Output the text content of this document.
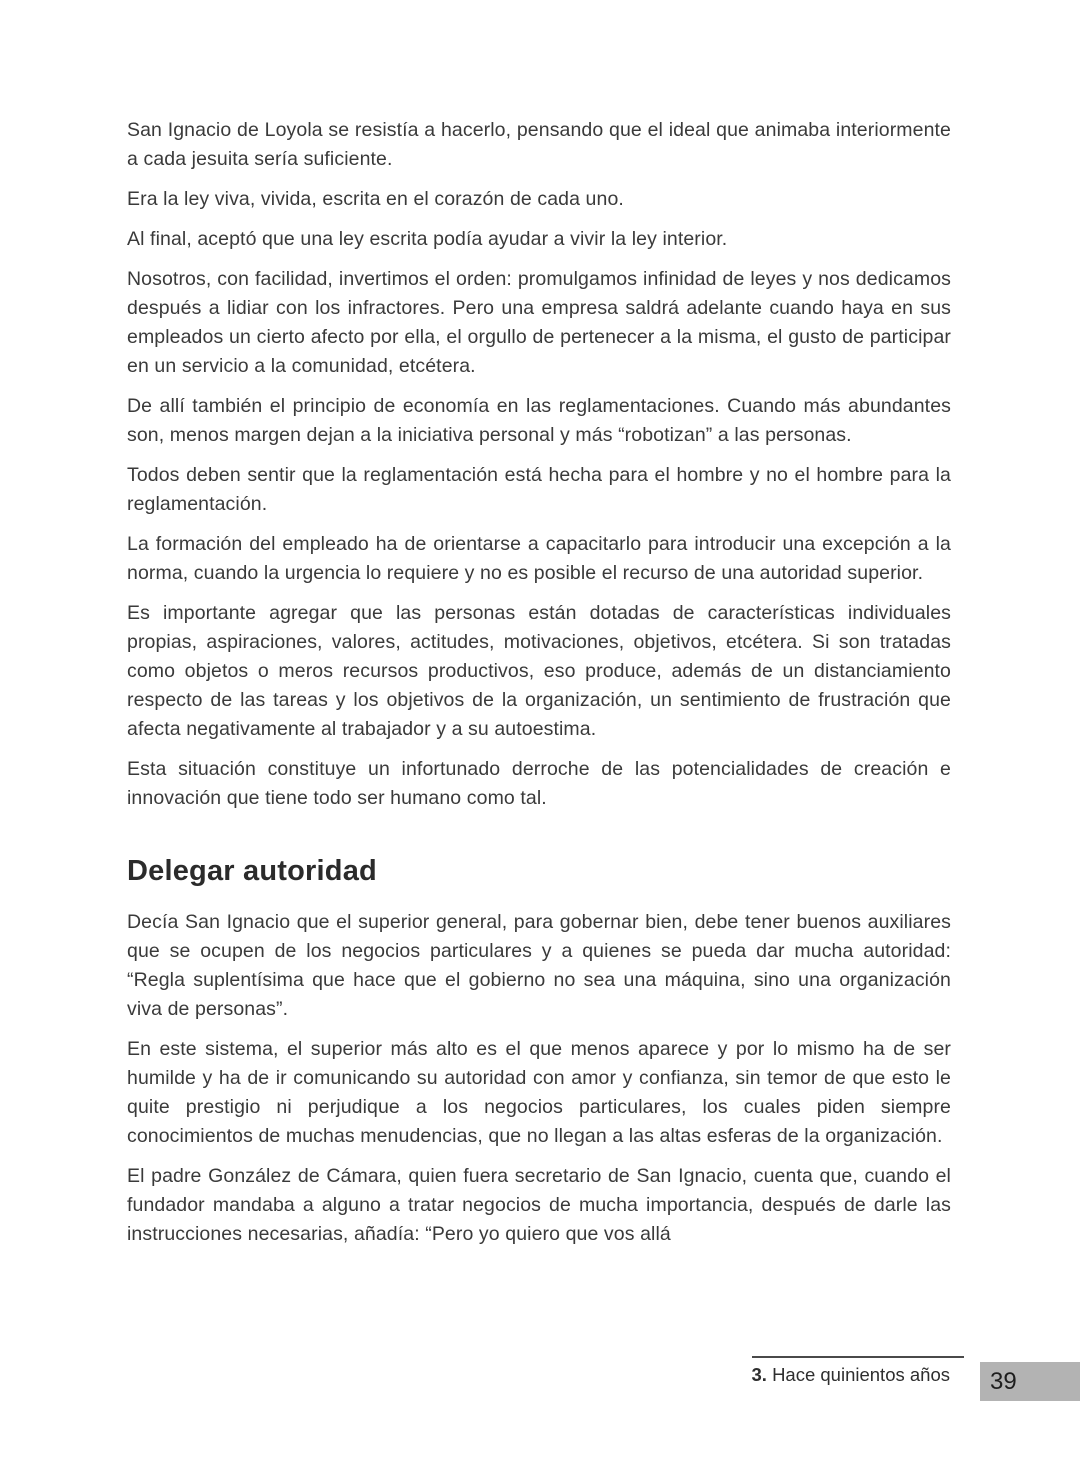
San Ignacio de Loyola se resistía a hacerlo, pensando que el ideal que animaba interiormente a cada jesuita sería suficiente.

Era la ley viva, vivida, escrita en el corazón de cada uno.

Al final, aceptó que una ley escrita podía ayudar a vivir la ley interior.

Nosotros, con facilidad, invertimos el orden: promulgamos infinidad de leyes y nos dedicamos después a lidiar con los infractores. Pero una empresa saldrá adelante cuando haya en sus empleados un cierto afecto por ella, el orgullo de pertenecer a la misma, el gusto de participar en un servicio a la comunidad, etcétera.

De allí también el principio de economía en las reglamentaciones. Cuando más abundantes son, menos margen dejan a la iniciativa personal y más “robotizan” a las personas.

Todos deben sentir que la reglamentación está hecha para el hombre y no el hombre para la reglamentación.

La formación del empleado ha de orientarse a capacitarlo para introducir una excepción a la norma, cuando la urgencia lo requiere y no es posible el recurso de una autoridad superior.

Es importante agregar que las personas están dotadas de características individuales propias, aspiraciones, valores, actitudes, motivaciones, objetivos, etcétera. Si son tratadas como objetos o meros recursos productivos, eso produce, además de un distanciamiento respecto de las tareas y los objetivos de la organización, un sentimiento de frustración que afecta negativamente al trabajador y a su autoestima.

Esta situación constituye un infortunado derroche de las potencialidades de creación e innovación que tiene todo ser humano como tal.

Delegar autoridad

Decía San Ignacio que el superior general, para gobernar bien, debe tener buenos auxiliares que se ocupen de los negocios particulares y a quienes se pueda dar mucha autoridad: “Regla suplentísima que hace que el gobierno no sea una máquina, sino una organización viva de personas”.

En este sistema, el superior más alto es el que menos aparece y por lo mismo ha de ser humilde y ha de ir comunicando su autoridad con amor y confianza, sin temor de que esto le quite prestigio ni perjudique a los negocios particulares, los cuales piden siempre conocimientos de muchas menudencias, que no llegan a las altas esferas de la organización.

El padre González de Cámara, quien fuera secretario de San Ignacio, cuenta que, cuando el fundador mandaba a alguno a tratar negocios de mucha importancia, después de darle las instrucciones necesarias, añadía: “Pero yo quiero que vos allá

3. Hace quinientos años	39
